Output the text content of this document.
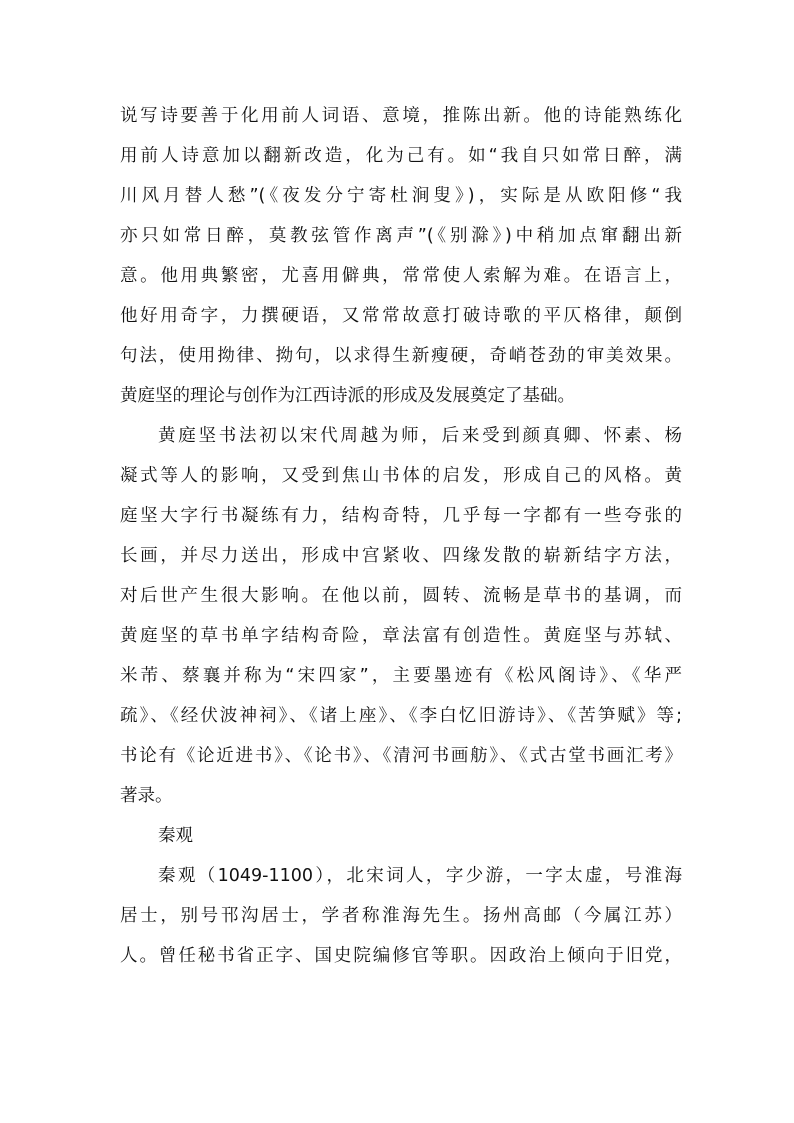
说写诗要善于化用前人词语、意境，推陈出新。他的诗能熟练化
用前人诗意加以翻新改造，化为己有。如“我自只如常日醉，满
川风月替人愁”(《夜发分宁寄杜涧叟》)，实际是从欧阳修“我
亦只如常日醉，莫教弦管作离声”(《别滁》)中稍加点窜翻出新
意。他用典繁密，尤喜用僻典，常常使人索解为难。在语言上，
他好用奇字，力撰硬语，又常常故意打破诗歌的平仄格律，颠倒
句法，使用拗律、拗句，以求得生新瘦硬，奇峭苍劲的审美效果。
黄庭坚的理论与创作为江西诗派的形成及发展奠定了基础。
黄庭坚书法初以宋代周越为师，后来受到颜真卿、怀素、杨
凝式等人的影响，又受到焦山书体的启发，形成自己的风格。黄
庭坚大字行书凝练有力，结构奇特，几乎每一字都有一些夸张的
长画，并尽力送出，形成中宫紧收、四缘发散的崭新结字方法，
对后世产生很大影响。在他以前，圆转、流畅是草书的基调，而
黄庭坚的草书单字结构奇险，章法富有创造性。黄庭坚与苏轼、
米芾、蔡襄并称为“宋四家”，主要墨迹有《松风阁诗》、《华严
疏》、《经伏波神祠》、《诸上座》、《李白忆旧游诗》、《苦笋赋》等;
书论有《论近进书》、《论书》、《清河书画舫》、《式古堂书画汇考》
著录。
秦观
秦观（1049-1100），北宋词人，字少游，一字太虚，号淮海
居士，别号邗沟居士，学者称淮海先生。扬州高邮（今属江苏）
人。曾任秘书省正字、国史院编修官等职。因政治上倾向于旧党，
